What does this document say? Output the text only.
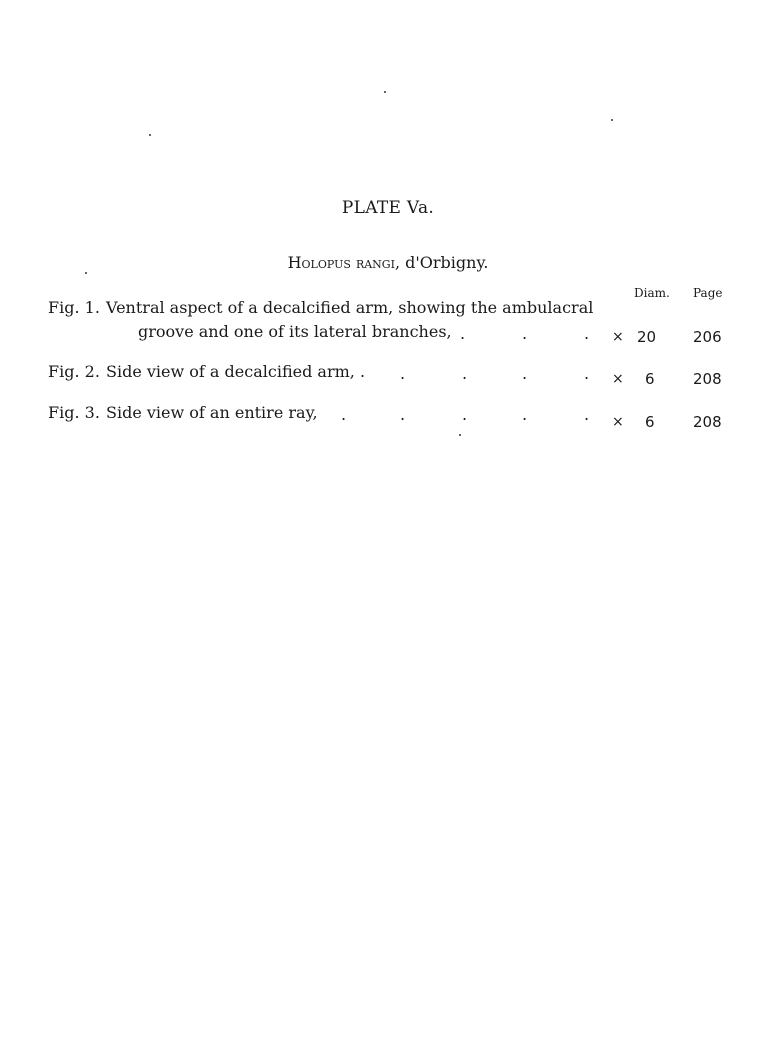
PLATE Va.
Holopus rangi, d'Orbigny.
Diam. Page
Fig. 1. Ventral aspect of a decalcified arm, showing the ambulacral
groove and one of its lateral branches, .	.	. × 20 206
Fig. 2. Side view of a decalcified arm, . .	.	.	. × 6	208
Fig. 3. Side view of an entire ray, .	.	.	.	. × 6	208
